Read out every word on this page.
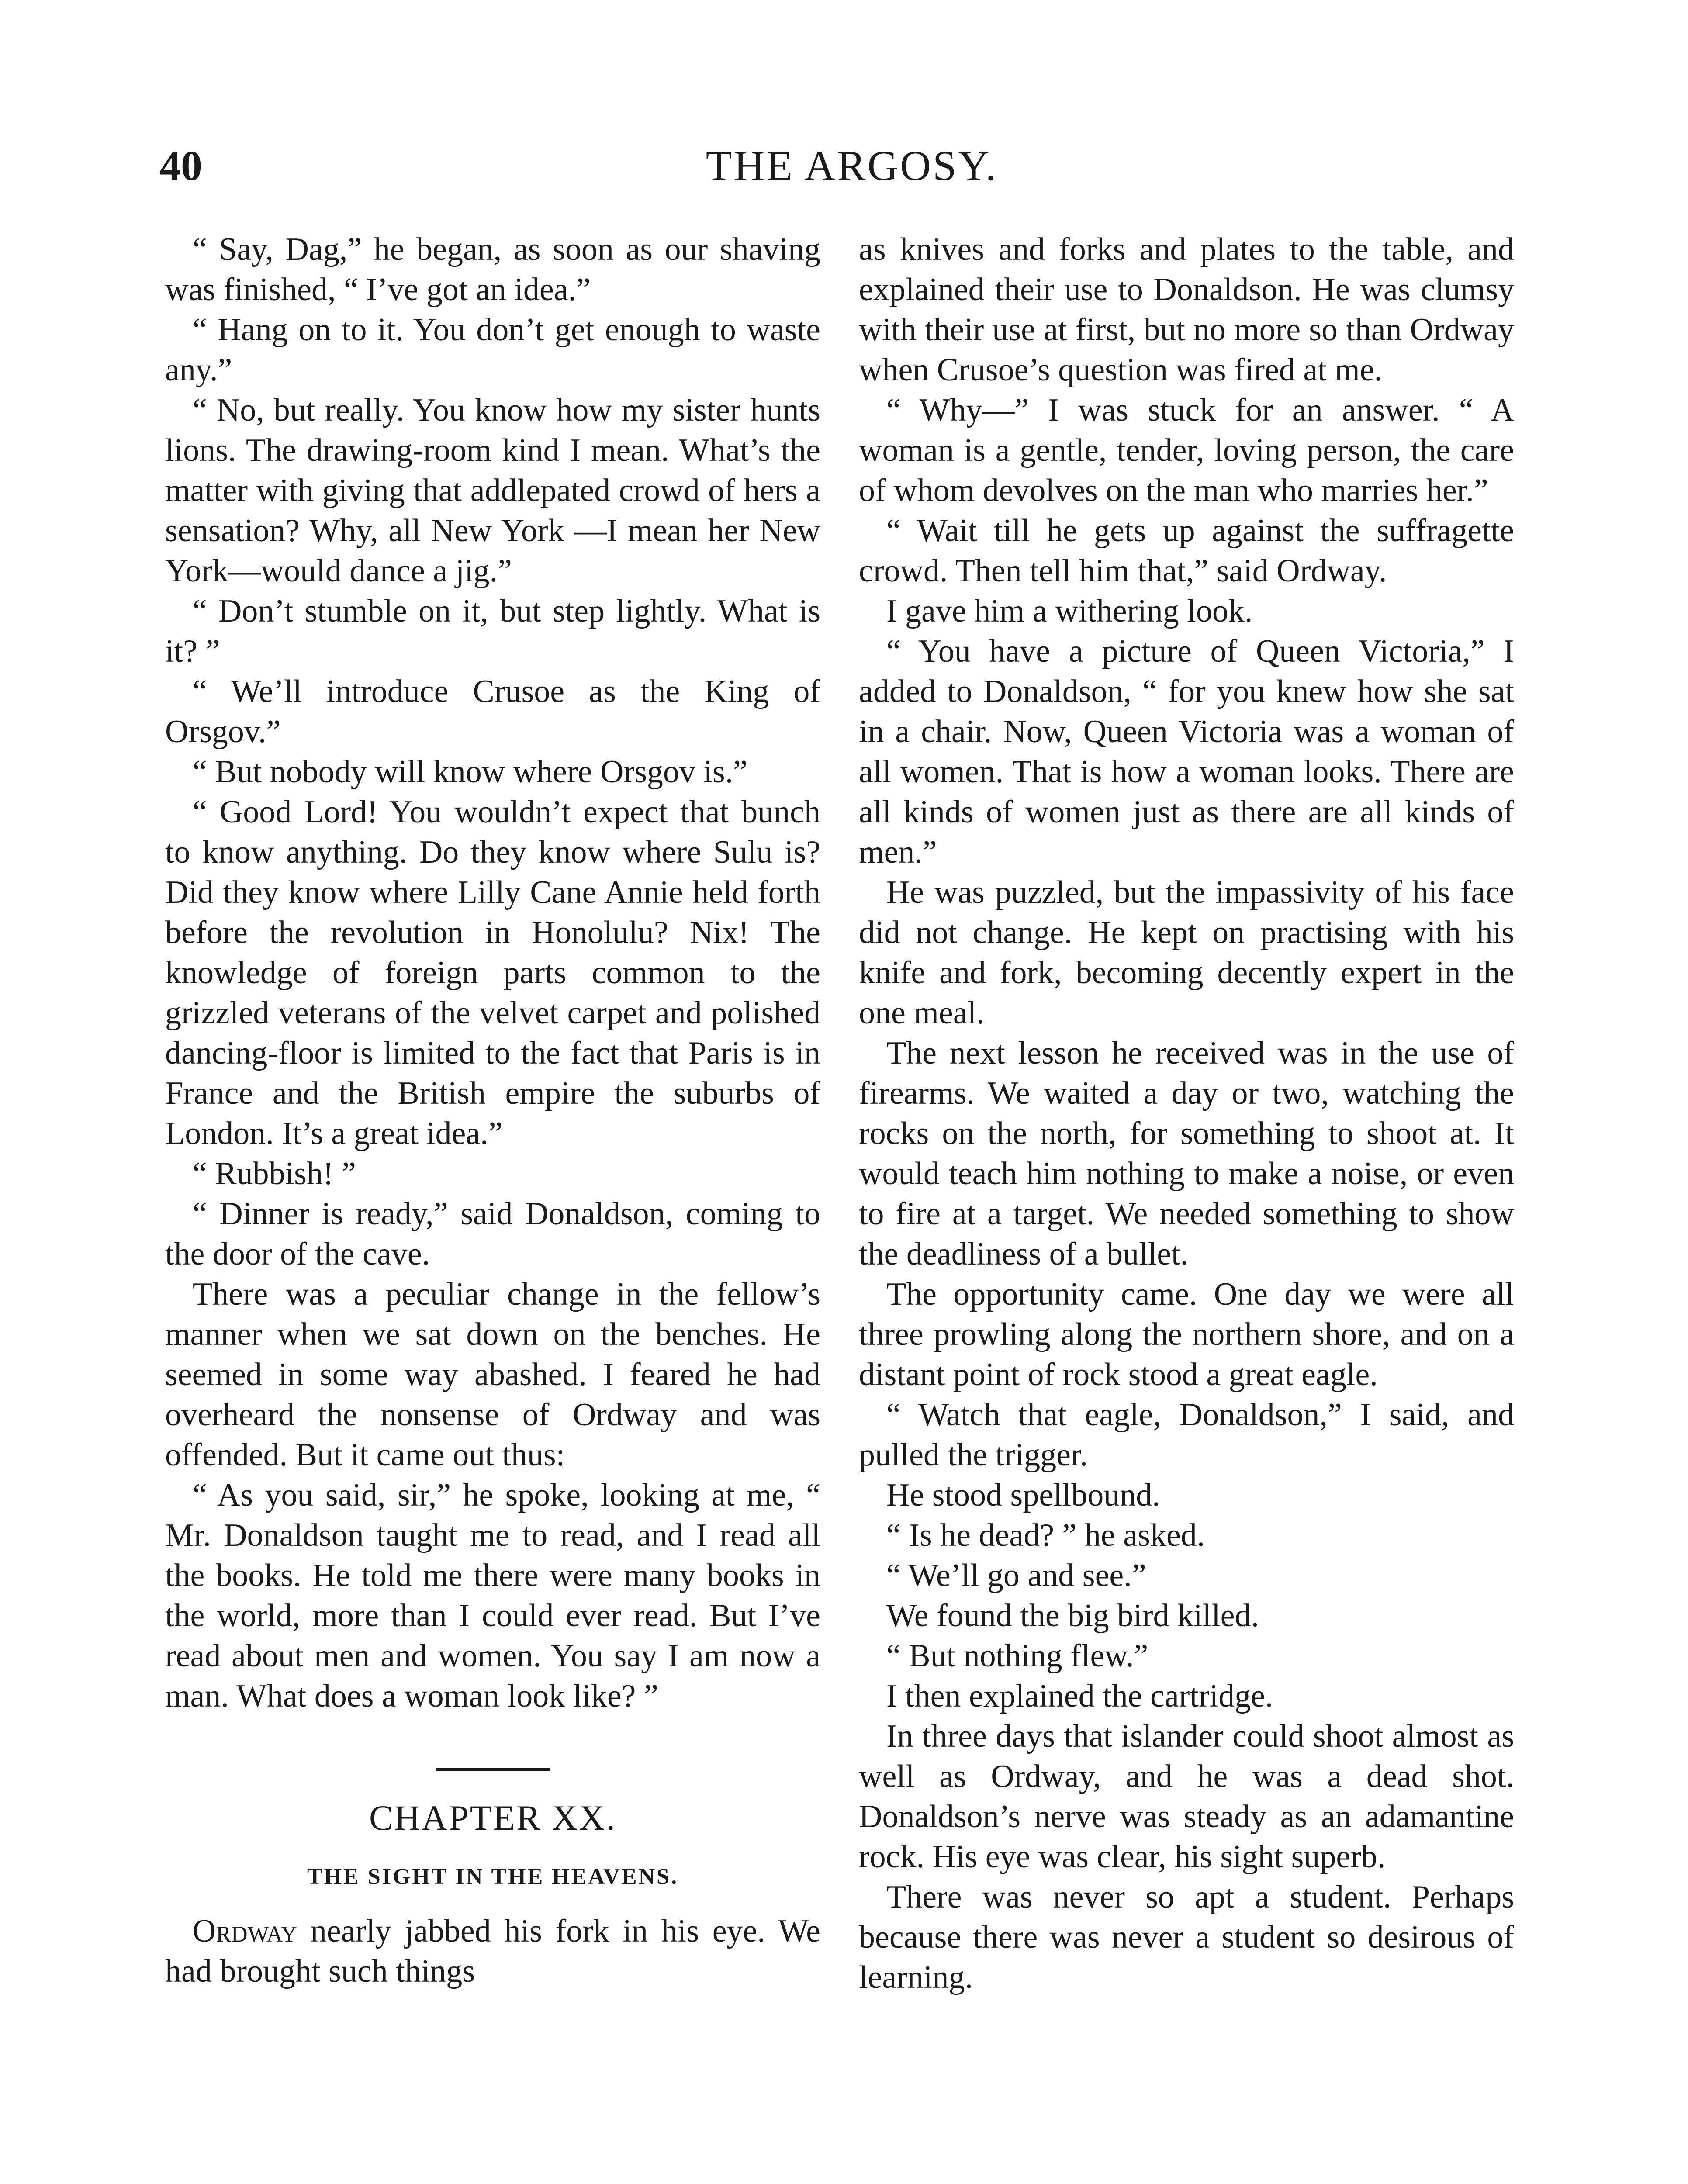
40	THE ARGOSY.

“ Say, Dag,” he began, as soon as our shaving was finished, “ I’ve got an idea.”

“ Hang on to it. You don’t get enough to waste any.”

“ No, but really. You know how my sister hunts lions. The drawing-room kind I mean. What’s the matter with giving that addlepated crowd of hers a sensation? Why, all New York —I mean her New York—would dance a jig.”

“ Don’t stumble on it, but step lightly. What is it? ”

“ We’ll introduce Crusoe as the King of Orsgov.”

“ But nobody will know where Orsgov is.”

“ Good Lord! You wouldn’t expect that bunch to know anything. Do they know where Sulu is? Did they know where Lilly Cane Annie held forth before the revolution in Honolulu? Nix! The knowledge of foreign parts common to the grizzled veterans of the velvet carpet and polished dancing-floor is limited to the fact that Paris is in France and the British empire the suburbs of London. It’s a great idea.”

“ Rubbish! ”

“ Dinner is ready,” said Donaldson, coming to the door of the cave.

There was a peculiar change in the fellow’s manner when we sat down on the benches. He seemed in some way abashed. I feared he had overheard the nonsense of Ordway and was offended. But it came out thus:

“ As you said, sir,” he spoke, looking at me, “ Mr. Donaldson taught me to read, and I read all the books. He told me there were many books in the world, more than I could ever read. But I’ve read about men and women. You say I am now a man. What does a woman look like? ”

CHAPTER XX.
THE SIGHT IN THE HEAVENS.

Ordway nearly jabbed his fork in his eye. We had brought such things

as knives and forks and plates to the table, and explained their use to Donaldson. He was clumsy with their use at first, but no more so than Ordway when Crusoe’s question was fired at me.

“ Why—” I was stuck for an answer. “ A woman is a gentle, tender, loving person, the care of whom devolves on the man who marries her.”

“ Wait till he gets up against the suffragette crowd. Then tell him that,” said Ordway.

I gave him a withering look.

“ You have a picture of Queen Victoria,” I added to Donaldson, “ for you knew how she sat in a chair. Now, Queen Victoria was a woman of all women. That is how a woman looks. There are all kinds of women just as there are all kinds of men.”

He was puzzled, but the impassivity of his face did not change. He kept on practising with his knife and fork, becoming decently expert in the one meal.

The next lesson he received was in the use of firearms. We waited a day or two, watching the rocks on the north, for something to shoot at. It would teach him nothing to make a noise, or even to fire at a target. We needed something to show the deadliness of a bullet.

The opportunity came. One day we were all three prowling along the northern shore, and on a distant point of rock stood a great eagle.

“ Watch that eagle, Donaldson,” I said, and pulled the trigger.

He stood spellbound.

“ Is he dead? ” he asked.

“ We’ll go and see.”

We found the big bird killed.

“ But nothing flew.”

I then explained the cartridge.

In three days that islander could shoot almost as well as Ordway, and he was a dead shot. Donaldson’s nerve was steady as an adamantine rock. His eye was clear, his sight superb.

There was never so apt a student. Perhaps because there was never a student so desirous of learning.
